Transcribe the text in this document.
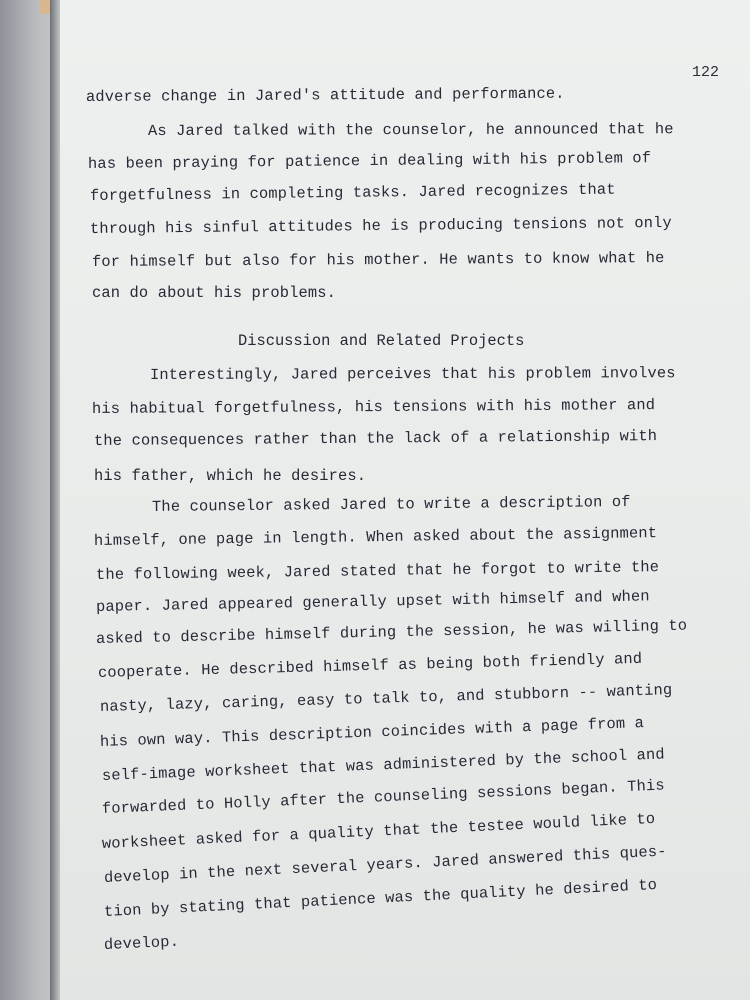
122

adverse change in Jared's attitude and performance.

As Jared talked with the counselor, he announced that he

has been praying for patience in dealing with his problem of

forgetfulness in completing tasks. Jared recognizes that

through his sinful attitudes he is producing tensions not only

for himself but also for his mother. He wants to know what he

can do about his problems.

Discussion and Related Projects

Interestingly, Jared perceives that his problem involves

his habitual forgetfulness, his tensions with his mother and

the consequences rather than the lack of a relationship with

his father, which he desires.

The counselor asked Jared to write a description of

himself, one page in length. When asked about the assignment

the following week, Jared stated that he forgot to write the

paper. Jared appeared generally upset with himself and when

asked to describe himself during the session, he was willing to

cooperate. He described himself as being both friendly and

nasty, lazy, caring, easy to talk to, and stubborn -- wanting

his own way. This description coincides with a page from a

self-image worksheet that was administered by the school and

forwarded to Holly after the counseling sessions began. This

worksheet asked for a quality that the testee would like to

develop in the next several years. Jared answered this ques-

tion by stating that patience was the quality he desired to

develop.
